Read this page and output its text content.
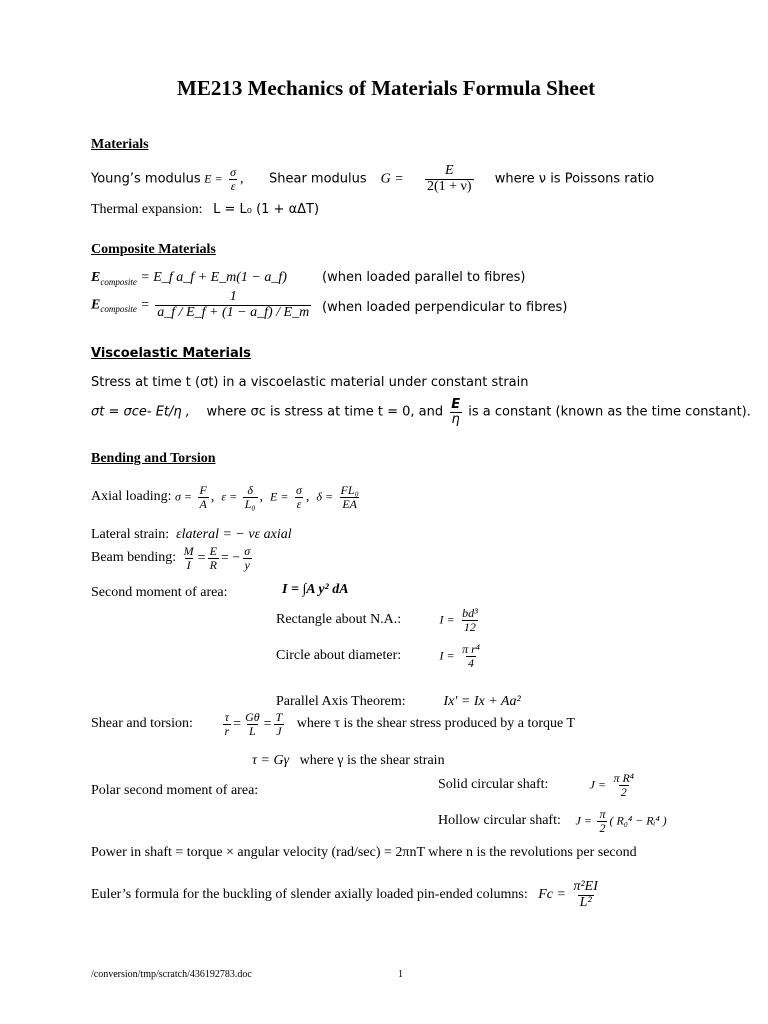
ME213 Mechanics of Materials Formula Sheet
Materials
Young’s modulus $E = \frac{\sigma}{\varepsilon}$ , Shear modulus $G = \frac{E}{2(1 + \nu)}$ where ν is Poissons ratio
Thermal expansion: L = L₀ (1 + αΔT)
Composite Materials
$E_{composite}$ = E_f a_f + E_m(1 − a_f)	(when loaded parallel to fibres)
$E_{composite} = \frac{1}{a\_f / E\_f + (1 - a\_f) / E\_m}$ (when loaded perpendicular to fibres)
Viscoelastic Materials
Stress at time t (σt) in a viscoelastic material under constant strain
σt = σce- Et/η , where σc is stress at time t = 0, and $\frac{E}{\eta}$ is a constant (known as the time constant).
Bending and Torsion
Axial loading: $\sigma = \frac{F}{A}$ ,  $\varepsilon = \frac{\delta}{\text{L₀}}$ ,  $E = \frac{\sigma}{\varepsilon}$ ,  $\delta = \frac{\text{FL₀}}{EA}$
Lateral strain: εlateral = − νε axial
Beam bending: $\frac{M}{I} = \frac{E}{R}$ = − $\frac{\sigma}{y}$
Second moment of area:	I = ∫A y² dA
Rectangle about N.A.:	$I = \frac{\text{bd³}}{12}$
Circle about diameter:	$I = \frac{\text{π r⁴}}{4}$
Parallel Axis Theorem:	Ix' = Ix + Aa²
Shear and torsion: $\frac{\tau}{r} = \frac{G\theta}{L} = \frac{T}{J}$ where τ is the shear stress produced by a torque T
τ = Gγ where γ is the shear strain
Polar second moment of area:	Solid circular shaft:	$J = \frac{\text{π R⁴}}{2}$
Hollow circular shaft: $J = \frac{\pi}{2}$ ( R₀⁴ − Rᵢ⁴ )
Power in shaft = torque × angular velocity (rad/sec) = 2πnT where n is the revolutions per second
Euler’s formula for the buckling of slender axially loaded pin-ended columns: $Fc = \frac{\text{π²EI}}{\text{L²}}$
/conversion/tmp/scratch/436192783.doc	1
